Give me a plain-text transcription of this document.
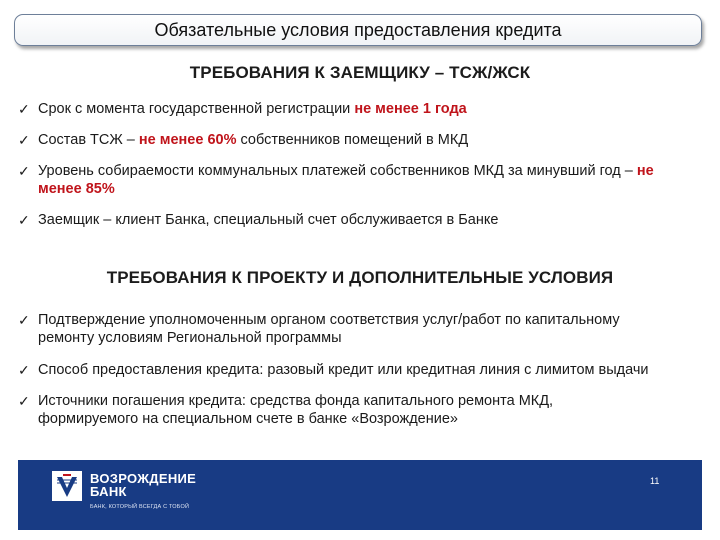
Обязательные условия предоставления кредита
ТРЕБОВАНИЯ К ЗАЕМЩИКУ – ТСЖ/ЖСК
✓ Срок с момента государственной регистрации не менее 1 года
✓ Состав ТСЖ – не менее 60% собственников помещений в МКД
✓ Уровень собираемости коммунальных платежей собственников МКД за минувший год – не
менее 85%
✓ Заемщик – клиент Банка, специальный счет обслуживается в Банке
ТРЕБОВАНИЯ К ПРОЕКТУ И ДОПОЛНИТЕЛЬНЫЕ УСЛОВИЯ
✓ Подтверждение уполномоченным органом соответствия услуг/работ по капитальному
ремонту условиям Региональной программы
✓ Способ предоставления кредита: разовый кредит или кредитная линия с лимитом выдачи
✓ Источники погашения кредита: средства фонда капитального ремонта МКД,
формируемого на специальном счете в банке «Возрождение»
ВОЗРОЖДЕНИЕ
БАНК
БАНК, КОТОРЫЙ ВСЕГДА С ТОБОЙ
11
